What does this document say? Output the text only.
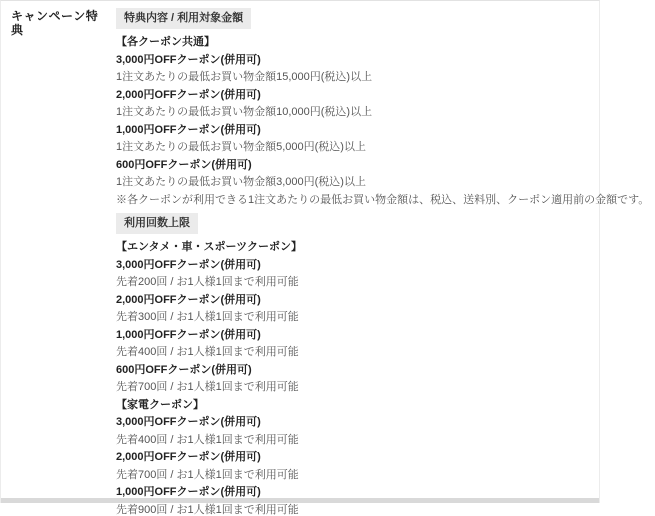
キャンペーン特典
特典内容 / 利用対象金額

【各クーポン共通】

3,000円OFFクーポン(併用可)

1注文あたりの最低お買い物金額15,000円(税込)以上

2,000円OFFクーポン(併用可)

1注文あたりの最低お買い物金額10,000円(税込)以上

1,000円OFFクーポン(併用可)

1注文あたりの最低お買い物金額5,000円(税込)以上

600円OFFクーポン(併用可)

1注文あたりの最低お買い物金額3,000円(税込)以上

※各クーポンが利用できる1注文あたりの最低お買い物金額は、税込、送料別、クーポン適用前の金額です。

利用回数上限

【エンタメ・車・スポーツクーポン】

3,000円OFFクーポン(併用可)

先着200回 / お1人様1回まで利用可能

2,000円OFFクーポン(併用可)

先着300回 / お1人様1回まで利用可能

1,000円OFFクーポン(併用可)

先着400回 / お1人様1回まで利用可能

600円OFFクーポン(併用可)

先着700回 / お1人様1回まで利用可能

【家電クーポン】

3,000円OFFクーポン(併用可)

先着400回 / お1人様1回まで利用可能

2,000円OFFクーポン(併用可)

先着700回 / お1人様1回まで利用可能

1,000円OFFクーポン(併用可)

先着900回 / お1人様1回まで利用可能
